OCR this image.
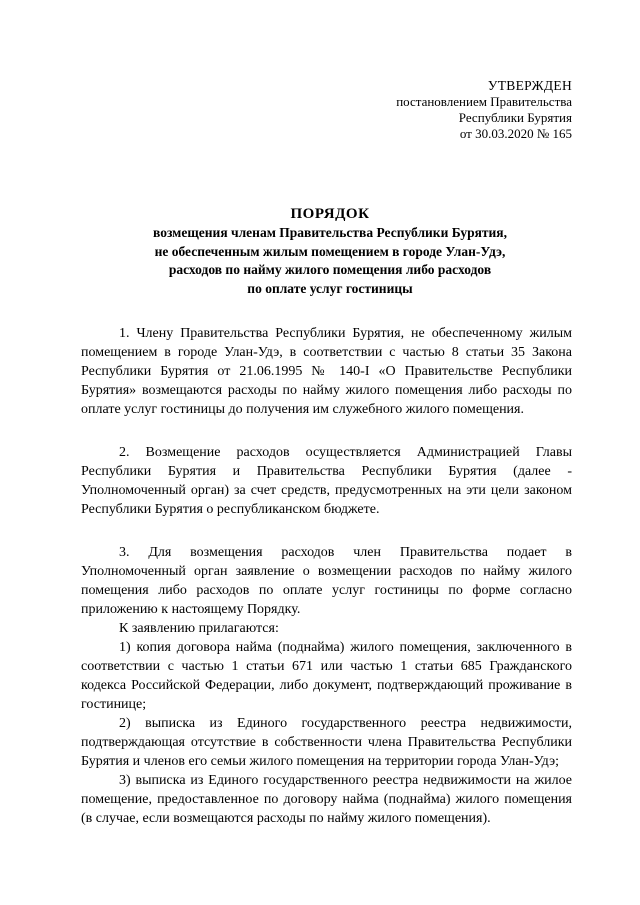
УТВЕРЖДЕН
постановлением Правительства
Республики Бурятия
от 30.03.2020 № 165
ПОРЯДОК
возмещения членам Правительства Республики Бурятия,
не обеспеченным жилым помещением в городе Улан-Удэ,
расходов по найму жилого помещения либо расходов
по оплате услуг гостиницы

1. Члену Правительства Республики Бурятия, не обеспеченному жилым помещением в городе Улан-Удэ, в соответствии с частью 8 статьи 35 Закона Республики Бурятия от 21.06.1995 № 140-I «О Правительстве Республики Бурятия» возмещаются расходы по найму жилого помещения либо расходы по оплате услуг гостиницы до получения им служебного жилого помещения.

2. Возмещение расходов осуществляется Администрацией Главы Республики Бурятия и Правительства Республики Бурятия (далее - Уполномоченный орган) за счет средств, предусмотренных на эти цели законом Республики Бурятия о республиканском бюджете.

3. Для возмещения расходов член Правительства подает в Уполномоченный орган заявление о возмещении расходов по найму жилого помещения либо расходов по оплате услуг гостиницы по форме согласно приложению к настоящему Порядку.

К заявлению прилагаются:

1) копия договора найма (поднайма) жилого помещения, заключенного в соответствии с частью 1 статьи 671 или частью 1 статьи 685 Гражданского кодекса Российской Федерации, либо документ, подтверждающий проживание в гостинице;

2) выписка из Единого государственного реестра недвижимости, подтверждающая отсутствие в собственности члена Правительства Республики Бурятия и членов его семьи жилого помещения на территории города Улан-Удэ;

3) выписка из Единого государственного реестра недвижимости на жилое помещение, предоставленное по договору найма (поднайма) жилого помещения (в случае, если возмещаются расходы по найму жилого помещения).
